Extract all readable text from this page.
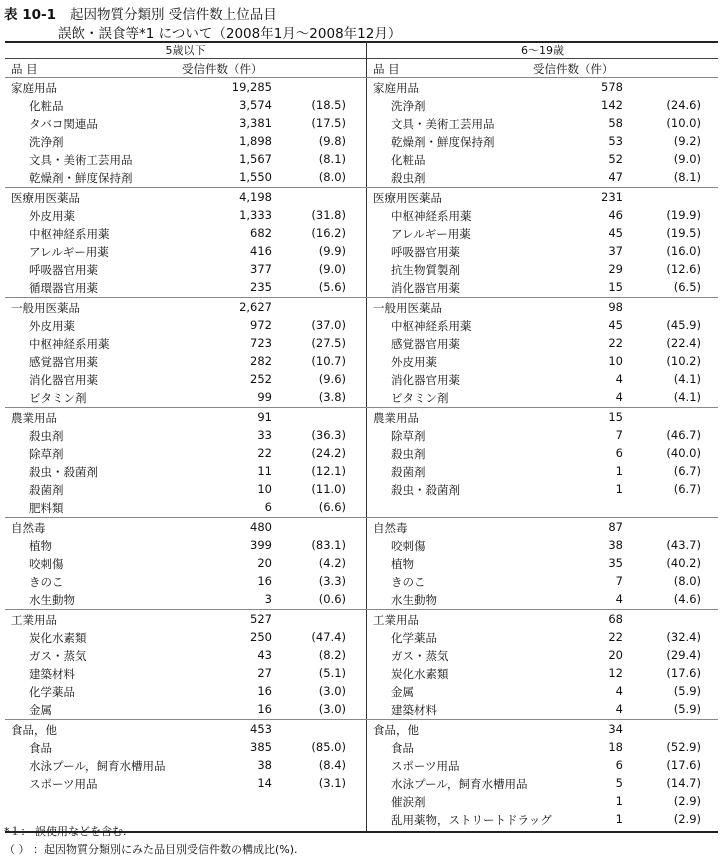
表 10-1 起因物質分類別 受信件数上位品目
誤飲・誤食等*1 について（2008年1月～2008年12月）
5歳以下
品 目	受信件数（件）
家庭用品	19,285
化粧品	3,574	(18.5)
タバコ関連品	3,381	(17.5)
洗浄剤	1,898	(9.8)
文具・美術工芸用品	1,567	(8.1)
乾燥剤・鮮度保持剤	1,550	(8.0)
医療用医薬品	4,198
外皮用薬	1,333	(31.8)
中枢神経系用薬	682	(16.2)
アレルギー用薬	416	(9.9)
呼吸器官用薬	377	(9.0)
循環器官用薬	235	(5.6)
一般用医薬品	2,627
外皮用薬	972	(37.0)
中枢神経系用薬	723	(27.5)
感覚器官用薬	282	(10.7)
消化器官用薬	252	(9.6)
ビタミン剤	99	(3.8)
農業用品	91
殺虫剤	33	(36.3)
除草剤	22	(24.2)
殺虫・殺菌剤	11	(12.1)
殺菌剤	10	(11.0)
肥料類	6	(6.6)
自然毒	480
植物	399	(83.1)
咬刺傷	20	(4.2)
きのこ	16	(3.3)
水生動物	3	(0.6)
工業用品	527
炭化水素類	250	(47.4)
ガス・蒸気	43	(8.2)
建築材料	27	(5.1)
化学薬品	16	(3.0)
金属	16	(3.0)
食品，他	453
食品	385	(85.0)
水泳プール，飼育水槽用品	38	(8.4)
スポーツ用品	14	(3.1)
6～19歳
品 目	受信件数（件）
家庭用品	578
洗浄剤	142	(24.6)
文具・美術工芸用品	58	(10.0)
乾燥剤・鮮度保持剤	53	(9.2)
化粧品	52	(9.0)
殺虫剤	47	(8.1)
医療用医薬品	231
中枢神経系用薬	46	(19.9)
アレルギー用薬	45	(19.5)
呼吸器官用薬	37	(16.0)
抗生物質製剤	29	(12.6)
消化器官用薬	15	(6.5)
一般用医薬品	98
中枢神経系用薬	45	(45.9)
感覚器官用薬	22	(22.4)
外皮用薬	10	(10.2)
消化器官用薬	4	(4.1)
ビタミン剤	4	(4.1)
農業用品	15
除草剤	7	(46.7)
殺虫剤	6	(40.0)
殺菌剤	1	(6.7)
殺虫・殺菌剤	1	(6.7)
自然毒	87
咬刺傷	38	(43.7)
植物	35	(40.2)
きのこ	7	(8.0)
水生動物	4	(4.6)
工業用品	68
化学薬品	22	(32.4)
ガス・蒸気	20	(29.4)
炭化水素類	12	(17.6)
金属	4	(5.9)
建築材料	4	(5.9)
食品，他	34
食品	18	(52.9)
スポーツ用品	6	(17.6)
水泳プール，飼育水槽用品	5	(14.7)
催涙剤	1	(2.9)
乱用薬物，ストリートドラッグ	1	(2.9)
*１： 誤使用などを含む.
（ ） ：起因物質分類別にみた品目別受信件数の構成比(%).
